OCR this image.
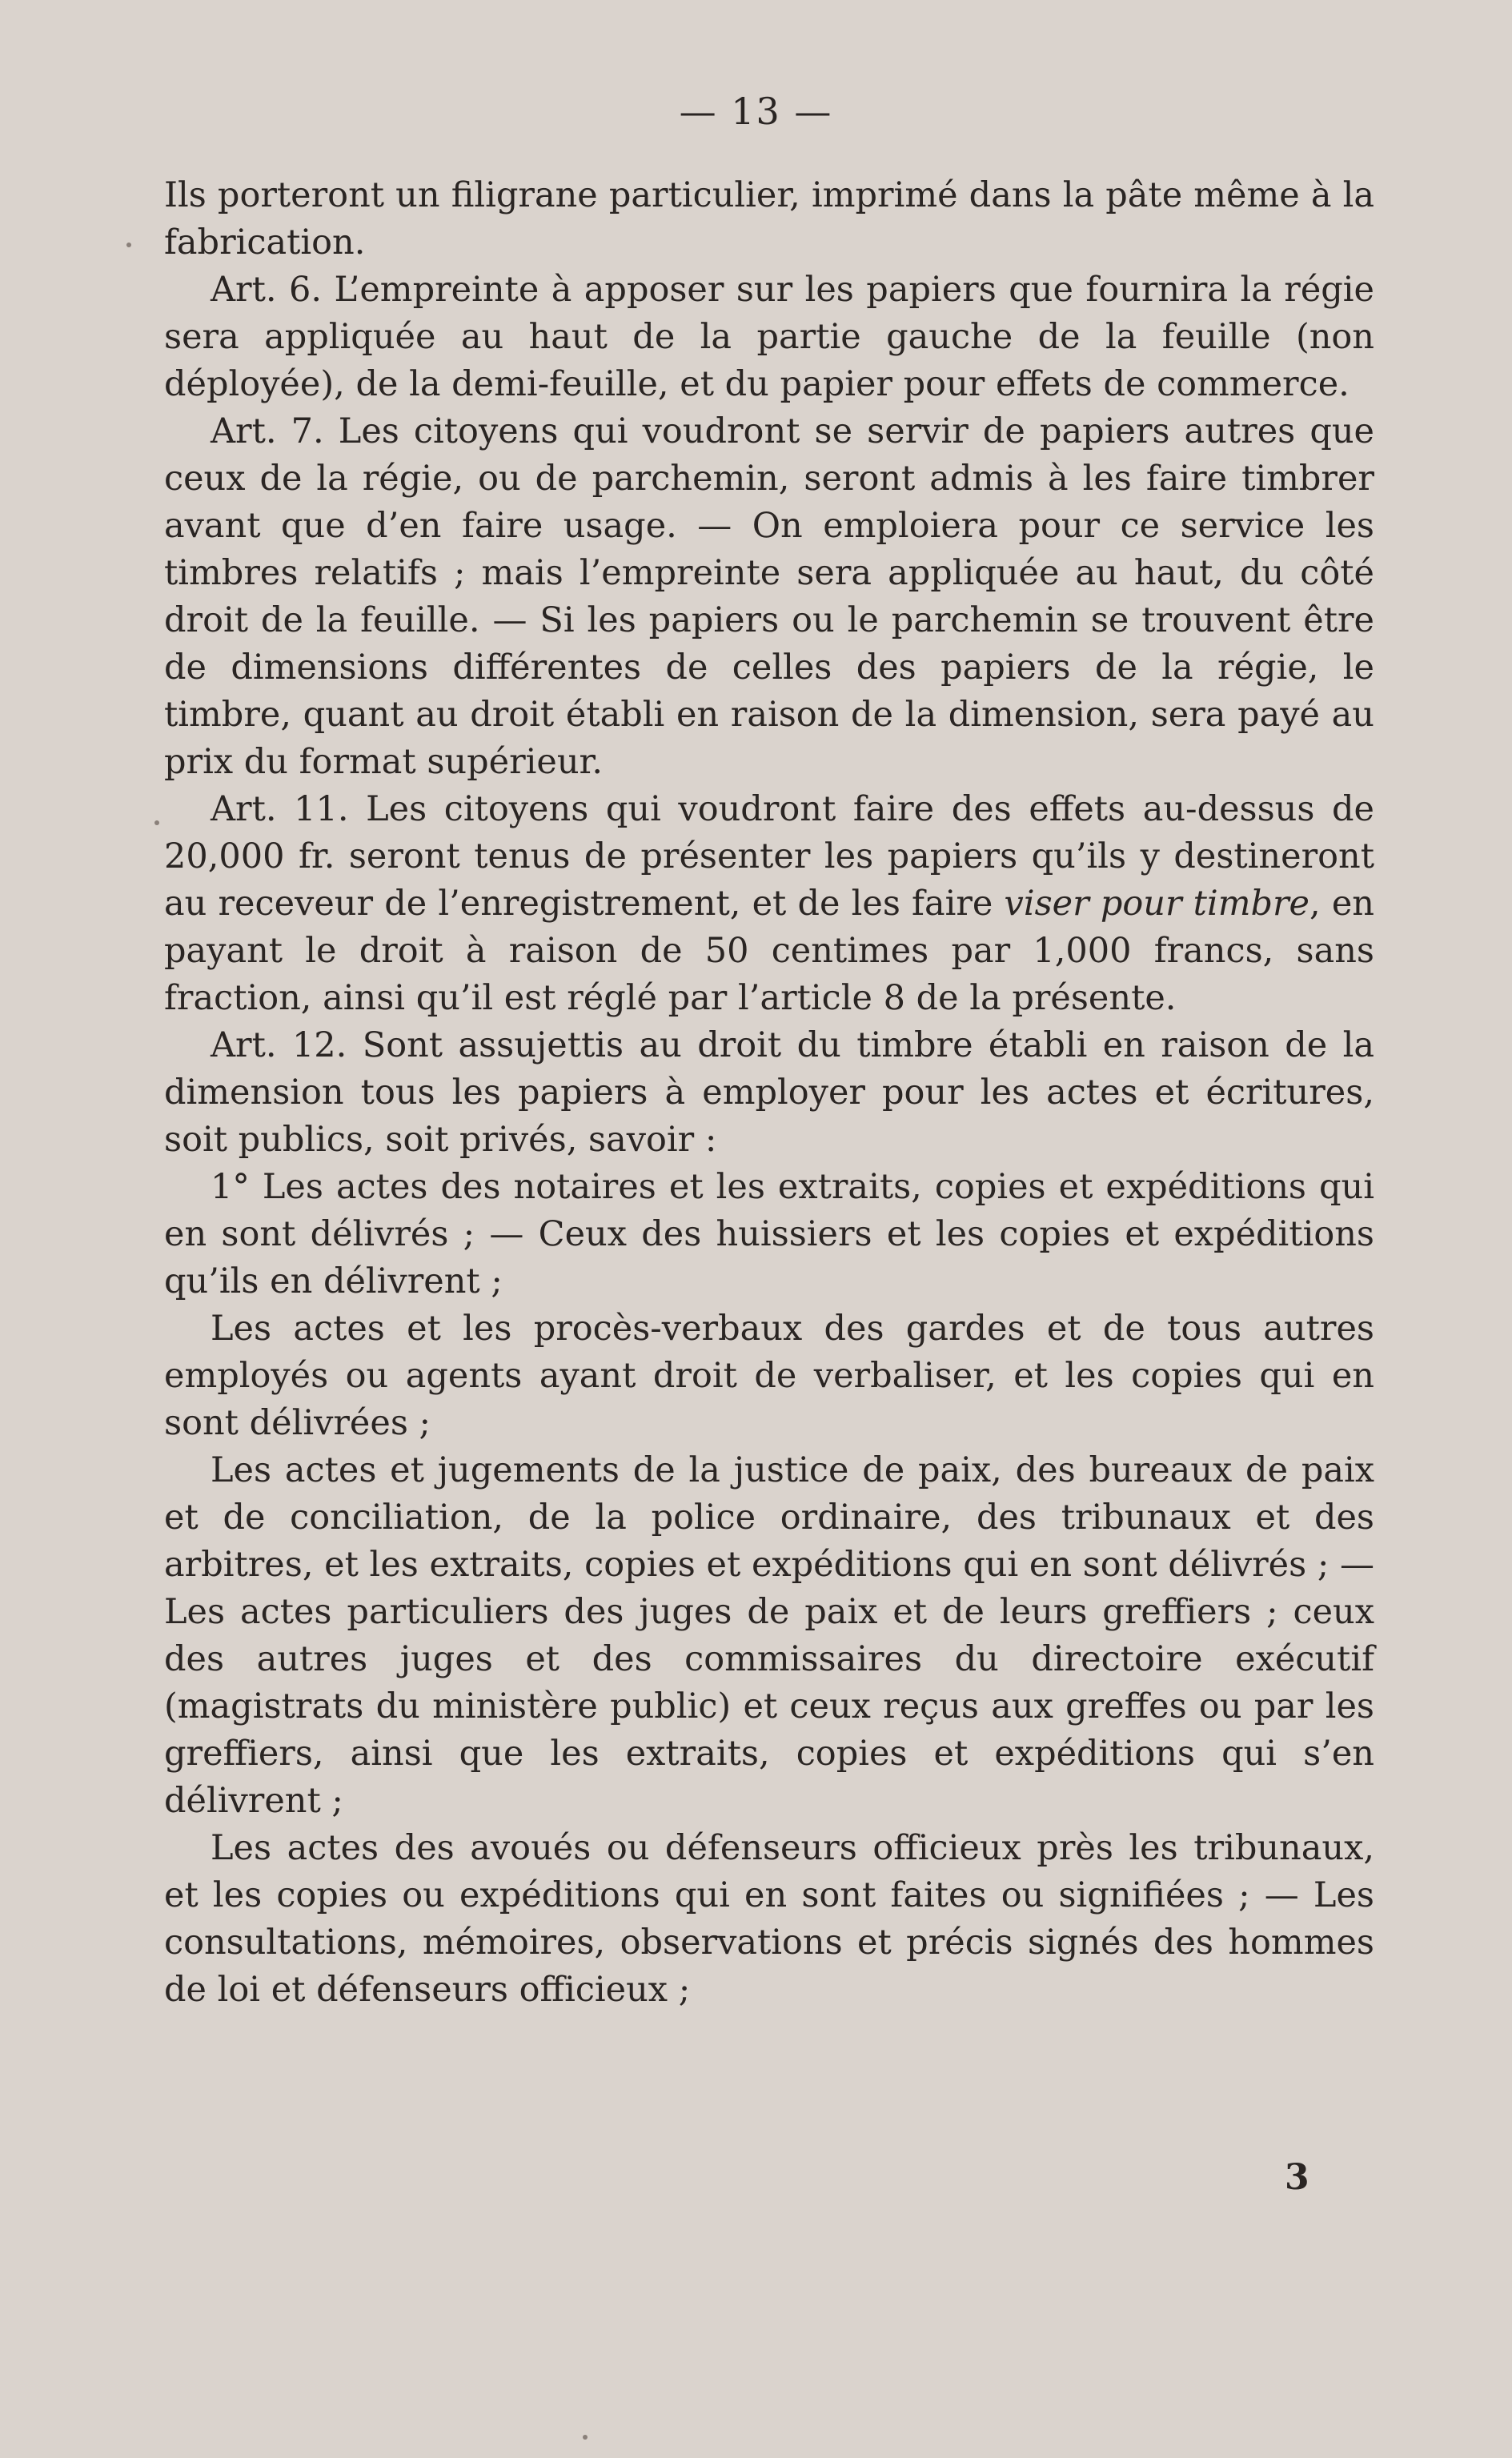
— 13 —

Ils porteront un filigrane particulier, imprimé dans la pâte même à la fabrication.

Art. 6. L’empreinte à apposer sur les papiers que fournira la régie sera appliquée au haut de la partie gauche de la feuille (non déployée), de la demi-feuille, et du papier pour effets de commerce.

Art. 7. Les citoyens qui voudront se servir de papiers autres que ceux de la régie, ou de parchemin, seront admis à les faire timbrer avant que d’en faire usage. — On emploiera pour ce service les timbres relatifs ; mais l’empreinte sera appliquée au haut, du côté droit de la feuille. — Si les papiers ou le parchemin se trouvent être de dimensions différentes de celles des papiers de la régie, le timbre, quant au droit établi en raison de la dimension, sera payé au prix du format supérieur.

Art. 11. Les citoyens qui voudront faire des effets au-dessus de 20,000 fr. seront tenus de présenter les papiers qu’ils y destineront au receveur de l’enregistrement, et de les faire viser pour timbre, en payant le droit à raison de 50 centimes par 1,000 francs, sans fraction, ainsi qu’il est réglé par l’article 8 de la présente.

Art. 12. Sont assujettis au droit du timbre établi en raison de la dimension tous les papiers à employer pour les actes et écritures, soit publics, soit privés, savoir :

1° Les actes des notaires et les extraits, copies et expéditions qui en sont délivrés ; — Ceux des huissiers et les copies et expéditions qu’ils en délivrent ;

Les actes et les procès-verbaux des gardes et de tous autres employés ou agents ayant droit de verbaliser, et les copies qui en sont délivrées ;

Les actes et jugements de la justice de paix, des bureaux de paix et de conciliation, de la police ordinaire, des tribunaux et des arbitres, et les extraits, copies et expéditions qui en sont délivrés ; — Les actes particuliers des juges de paix et de leurs greffiers ; ceux des autres juges et des commissaires du directoire exécutif (magistrats du ministère public) et ceux reçus aux greffes ou par les greffiers, ainsi que les extraits, copies et expéditions qui s’en délivrent ;

Les actes des avoués ou défenseurs officieux près les tribunaux, et les copies ou expéditions qui en sont faites ou signifiées ; — Les consultations, mémoires, observations et précis signés des hommes de loi et défenseurs officieux ;

3
